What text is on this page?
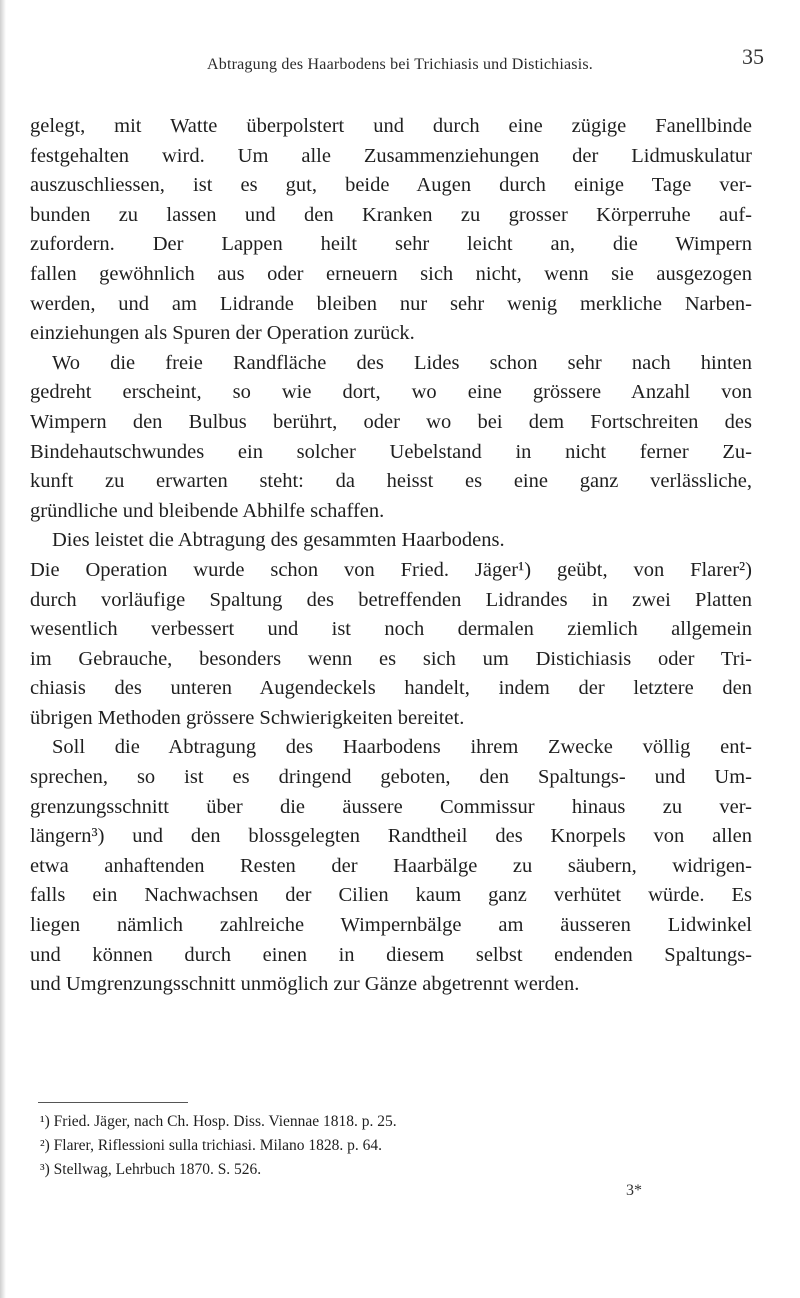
Abtragung des Haarbodens bei Trichiasis und Distichiasis.	35
gelegt, mit Watte überpolstert und durch eine zügige Fanellbinde
festgehalten wird. Um alle Zusammenziehungen der Lidmuskulatur
auszuschliessen, ist es gut, beide Augen durch einige Tage ver-
bunden zu lassen und den Kranken zu grosser Körperruhe auf-
zufordern. Der Lappen heilt sehr leicht an, die Wimpern
fallen gewöhnlich aus oder erneuern sich nicht, wenn sie ausgezogen
werden, und am Lidrande bleiben nur sehr wenig merkliche Narben-
einziehungen als Spuren der Operation zurück.
Wo die freie Randfläche des Lides schon sehr nach hinten
gedreht erscheint, so wie dort, wo eine grössere Anzahl von
Wimpern den Bulbus berührt, oder wo bei dem Fortschreiten des
Bindehautschwundes ein solcher Uebelstand in nicht ferner Zu-
kunft zu erwarten steht: da heisst es eine ganz verlässliche,
gründliche und bleibende Abhilfe schaffen.
Dies leistet die Abtragung des gesammten Haarbodens.
Die Operation wurde schon von Fried. Jäger¹) geübt, von Flarer²)
durch vorläufige Spaltung des betreffenden Lidrandes in zwei Platten
wesentlich verbessert und ist noch dermalen ziemlich allgemein
im Gebrauche, besonders wenn es sich um Distichiasis oder Tri-
chiasis des unteren Augendeckels handelt, indem der letztere den
übrigen Methoden grössere Schwierigkeiten bereitet.
Soll die Abtragung des Haarbodens ihrem Zwecke völlig ent-
sprechen, so ist es dringend geboten, den Spaltungs- und Um-
grenzungsschnitt über die äussere Commissur hinaus zu ver-
längern³) und den blossgelegten Randtheil des Knorpels von allen
etwa anhaftenden Resten der Haarbälge zu säubern, widrigen-
falls ein Nachwachsen der Cilien kaum ganz verhütet würde. Es
liegen nämlich zahlreiche Wimpernbälge am äusseren Lidwinkel
und können durch einen in diesem selbst endenden Spaltungs-
und Umgrenzungsschnitt unmöglich zur Gänze abgetrennt werden.
¹) Fried. Jäger, nach Ch. Hosp. Diss. Viennae 1818. p. 25.
²) Flarer, Riflessioni sulla trichiasi. Milano 1828. p. 64.
³) Stellwag, Lehrbuch 1870. S. 526.
3*
